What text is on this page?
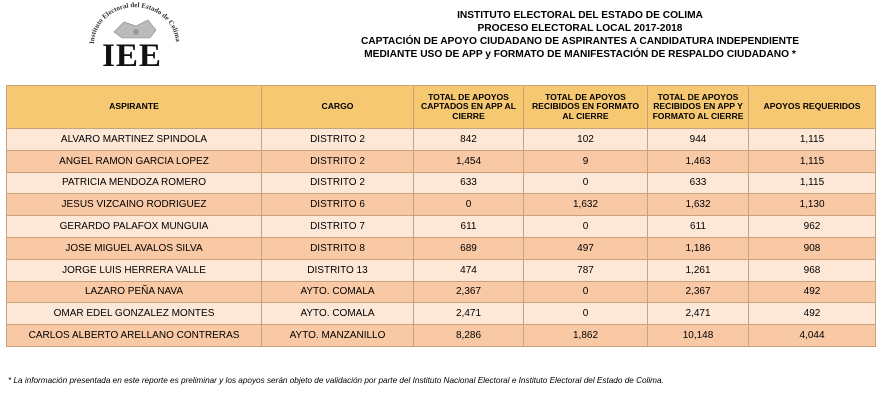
Instituto Electoral del Estado de Colima
IEE
INSTITUTO ELECTORAL DEL ESTADO DE COLIMA
PROCESO ELECTORAL LOCAL 2017-2018
CAPTACIÓN DE APOYO CIUDADANO DE ASPIRANTES A CANDIDATURA INDEPENDIENTE
MEDIANTE USO DE APP y FORMATO DE MANIFESTACIÓN DE RESPALDO CIUDADANO *
ASPIRANTE	CARGO	TOTAL DE APOYOS CAPTADOS EN APP AL CIERRE	TOTAL DE APOYOS RECIBIDOS EN FORMATO AL CIERRE	TOTAL DE APOYOS RECIBIDOS EN APP Y FORMATO AL CIERRE	APOYOS REQUERIDOS
ALVARO MARTINEZ SPINDOLA	DISTRITO 2	842	102	944	1,115
ANGEL RAMON GARCIA LOPEZ	DISTRITO 2	1,454	9	1,463	1,115
PATRICIA MENDOZA ROMERO	DISTRITO 2	633	0	633	1,115
JESUS VIZCAINO RODRIGUEZ	DISTRITO 6	0	1,632	1,632	1,130
GERARDO PALAFOX MUNGUIA	DISTRITO 7	611	0	611	962
JOSE MIGUEL AVALOS SILVA	DISTRITO 8	689	497	1,186	908
JORGE LUIS HERRERA VALLE	DISTRITO 13	474	787	1,261	968
LAZARO PEÑA NAVA	AYTO. COMALA	2,367	0	2,367	492
OMAR EDEL GONZALEZ MONTES	AYTO. COMALA	2,471	0	2,471	492
CARLOS ALBERTO ARELLANO CONTRERAS	AYTO. MANZANILLO	8,286	1,862	10,148	4,044
* La información presentada en este reporte es preliminar y los apoyos serán objeto de validación por parte del Instituto Nacional Electoral e Instituto Electoral del Estado de Colima.
